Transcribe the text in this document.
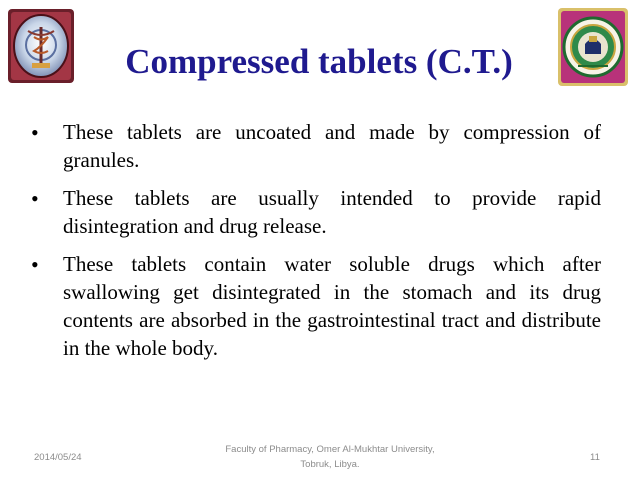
Compressed tablets (C.T.)
• These tablets are uncoated and made by compression of granules.
• These tablets are usually intended to provide rapid disintegration and drug release.
• These tablets contain water soluble drugs which after swallowing get disintegrated in the stomach and its drug contents are absorbed in the gastrointestinal tract and distribute in the whole body.
2014/05/24
Faculty of Pharmacy, Omer Al-Mukhtar University,
Tobruk, Libya.
11
